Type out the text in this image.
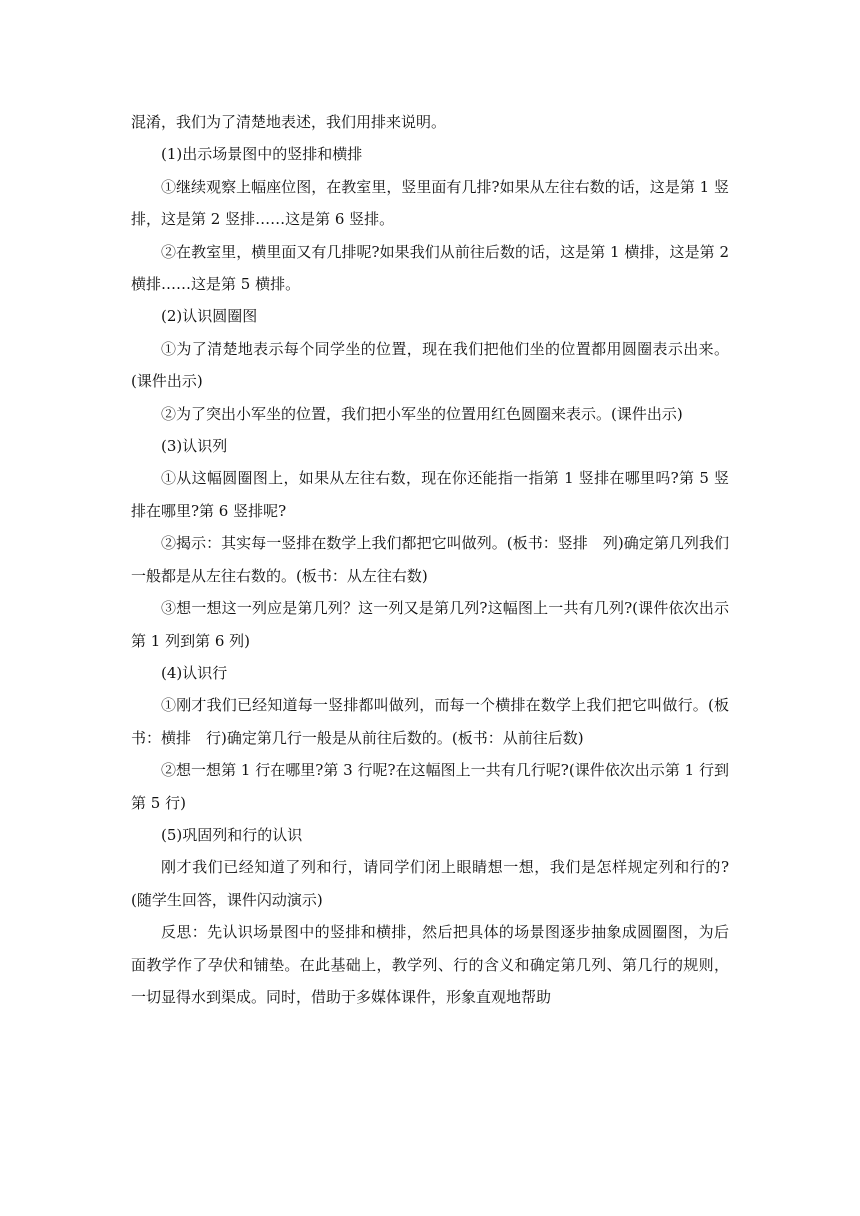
混淆，我们为了清楚地表述，我们用排来说明。

(1)出示场景图中的竖排和横排

①继续观察上幅座位图，在教室里，竖里面有几排?如果从左往右数的话，这是第 1 竖排，这是第 2 竖排……这是第 6 竖排。

②在教室里，横里面又有几排呢?如果我们从前往后数的话，这是第 1 横排，这是第 2 横排……这是第 5 横排。

(2)认识圆圈图

①为了清楚地表示每个同学坐的位置，现在我们把他们坐的位置都用圆圈表示出来。(课件出示)

②为了突出小军坐的位置，我们把小军坐的位置用红色圆圈来表示。(课件出示)

(3)认识列

①从这幅圆圈图上，如果从左往右数，现在你还能指一指第 1 竖排在哪里吗?第 5 竖排在哪里?第 6 竖排呢?

②揭示：其实每一竖排在数学上我们都把它叫做列。(板书：竖排　列)确定第几列我们一般都是从左往右数的。(板书：从左往右数)

③想一想这一列应是第几列？这一列又是第几列?这幅图上一共有几列?(课件依次出示第 1 列到第 6 列)

(4)认识行

①刚才我们已经知道每一竖排都叫做列，而每一个横排在数学上我们把它叫做行。(板书：横排　行)确定第几行一般是从前往后数的。(板书：从前往后数)

②想一想第 1 行在哪里?第 3 行呢?在这幅图上一共有几行呢?(课件依次出示第 1 行到第 5 行)

(5)巩固列和行的认识

刚才我们已经知道了列和行，请同学们闭上眼睛想一想，我们是怎样规定列和行的?(随学生回答，课件闪动演示)

反思：先认识场景图中的竖排和横排，然后把具体的场景图逐步抽象成圆圈图，为后面教学作了孕伏和铺垫。在此基础上，教学列、行的含义和确定第几列、第几行的规则，一切显得水到渠成。同时，借助于多媒体课件，形象直观地帮助
